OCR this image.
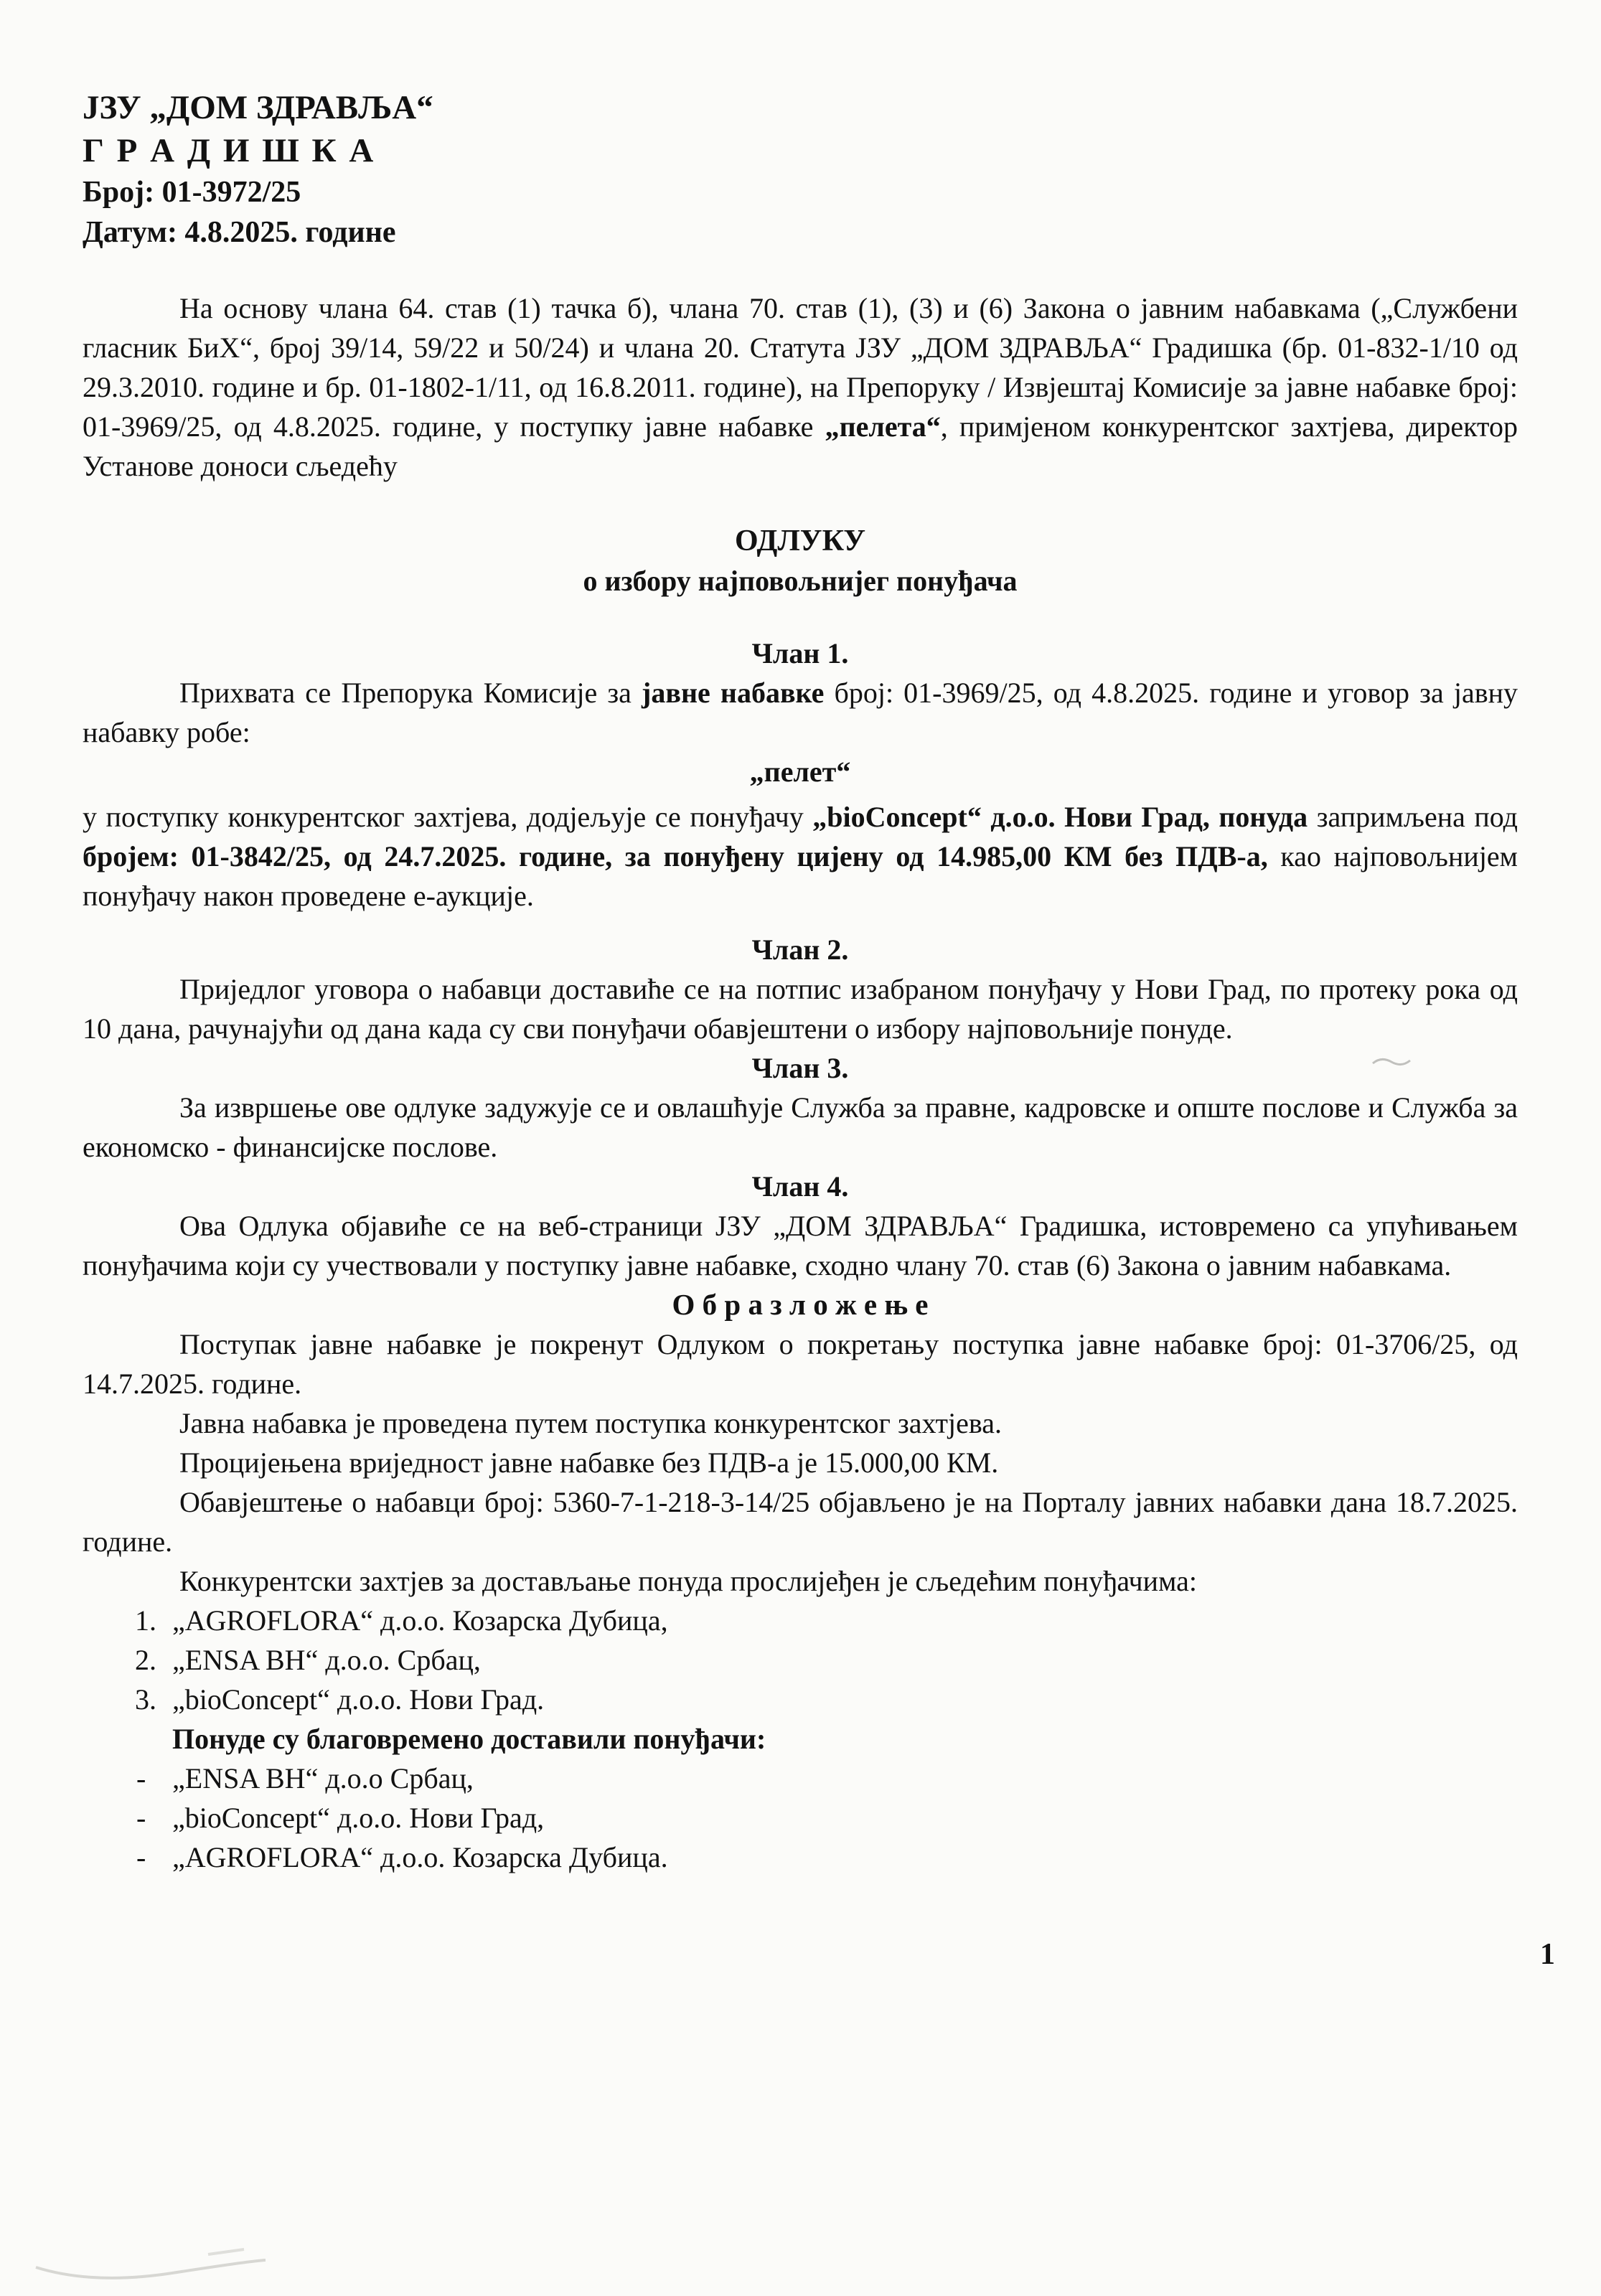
ЈЗУ „ДОМ ЗДРАВЉА“
Г Р А Д И Ш К А
Број: 01-3972/25
Датум: 4.8.2025. године
На основу члана 64. став (1) тачка б), члана 70. став (1), (3) и (6) Закона о јавним набавкама („Службени гласник БиХ“, број 39/14, 59/22 и 50/24) и члана 20. Статута ЈЗУ „ДОМ ЗДРАВЉА“ Градишка (бр. 01-832-1/10 од 29.3.2010. године и бр. 01-1802-1/11, од 16.8.2011. године), на Препоруку / Извјештај Комисије за јавне набавке број: 01-3969/25, од 4.8.2025. године, у поступку јавне набавке „пелета“, примјеном конкурентског захтјева, директор Установе доноси сљедећу
ОДЛУКУ
о избору најповољнијег понуђача
Члан 1.
Прихвата се Препорука Комисије за јавне набавке број: 01-3969/25, од 4.8.2025. године и уговор за јавну набавку робе:
„пелет“
у поступку конкурентског захтјева, додјељује се понуђачу „bioConcept“ д.о.о. Нови Град, понуда запримљена под бројем: 01-3842/25, од 24.7.2025. године, за понуђену цијену од 14.985,00 КМ без ПДВ-а, као најповољнијем понуђачу након проведене е-аукције.
Члан 2.
Приједлог уговора о набавци доставиће се на потпис изабраном понуђачу у Нови Град, по протеку рока од 10 дана, рачунајући од дана када су сви понуђачи обавјештени о избору најповољније понуде.
Члан 3.
За извршење ове одлуке задужује се и овлашћује Служба за правне, кадровске и опште послове и Служба за економско - финансијске послове.
Члан 4.
Ова Одлука објавиће се на веб-страници ЈЗУ „ДОМ ЗДРАВЉА“ Градишка, истовремено са упућивањем понуђачима који су учествовали у поступку јавне набавке, сходно члану 70. став (6) Закона о јавним набавкама.
О б р а з л о ж е њ е
Поступак јавне набавке је покренут Одлуком о покретању поступка јавне набавке број: 01-3706/25, од 14.7.2025. године.
Јавна набавка је проведена путем поступка конкурентског захтјева.
Процијењена вриједност јавне набавке без ПДВ-а је 15.000,00 КМ.
Обавјештење о набавци број: 5360-7-1-218-3-14/25 објављено је на Порталу јавних набавки дана 18.7.2025. године.
Конкурентски захтјев за достављање понуда прослијеђен је сљедећим понуђачима:
1. „AGROFLORA“ д.о.о. Козарска Дубица,
2. „ENSA BH“ д.о.о. Србац,
3. „bioConcept“ д.о.о. Нови Град.
Понуде су благовремено доставили понуђачи:
- „ENSA BH“ д.о.о Србац,
- „bioConcept“ д.о.о. Нови Град,
- „AGROFLORA“ д.о.о. Козарска Дубица.
1
